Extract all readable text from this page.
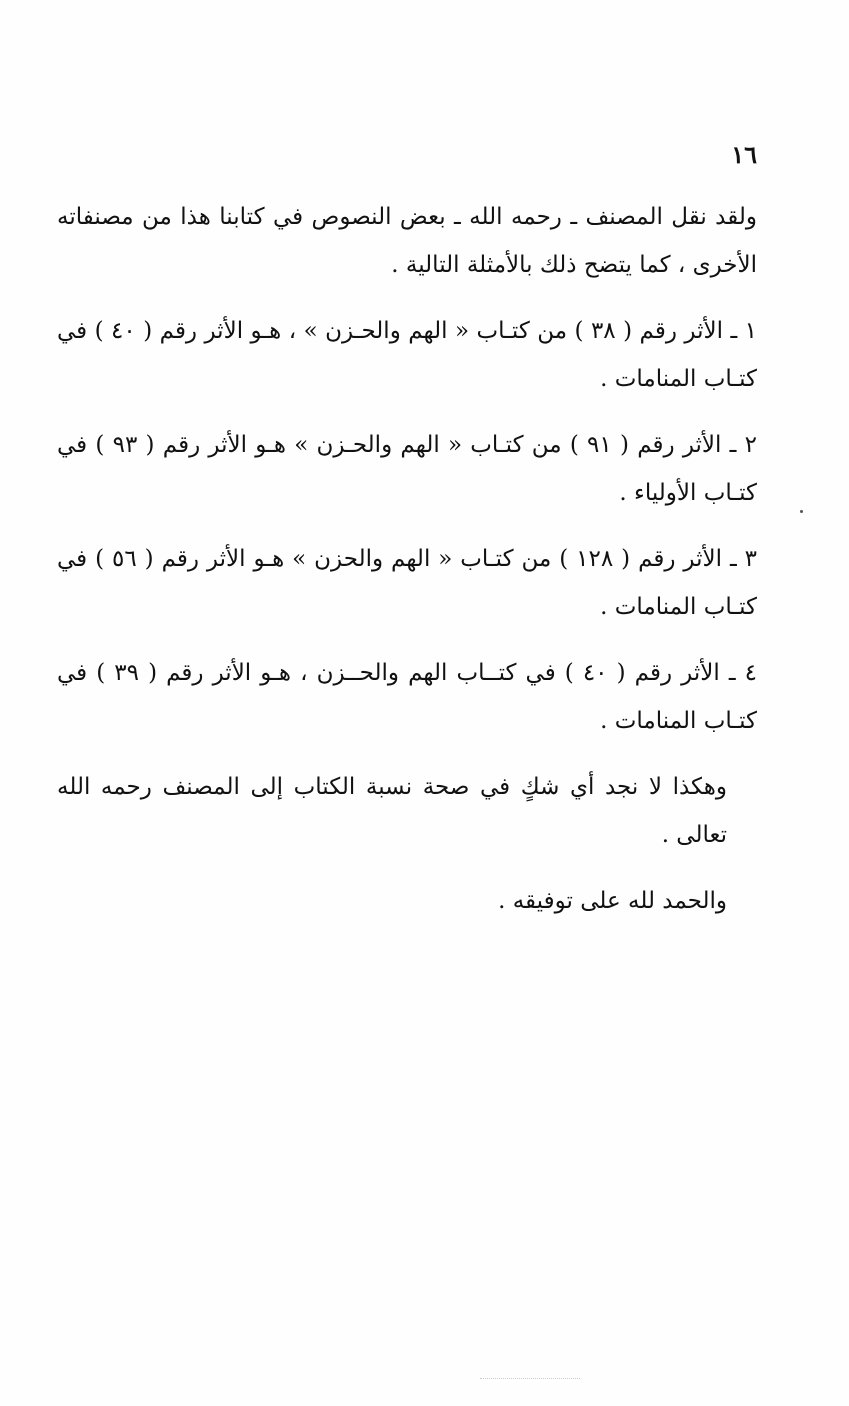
١٦

ولقد نقل المصنف ـ رحمه الله ـ بعض النصوص في كتابنا هذا من مصنفاته الأخرى ، كما يتضح ذلك بالأمثلة التالية .

١ ـ الأثر رقم ( ٣٨ ) من كتـاب « الهم والحـزن » ، هـو الأثر رقم ( ٤٠ ) في كتـاب المنامات .

٢ ـ الأثر رقم ( ٩١ ) من كتـاب « الهم والحـزن » هـو الأثر رقم ( ٩٣ ) في كتـاب الأولياء .

٣ ـ الأثر رقم ( ١٢٨ ) من كتـاب « الهم والحزن » هـو الأثر رقم ( ٥٦ ) في كتـاب المنامات .

٤ ـ الأثر رقم ( ٤٠ ) في كتــاب الهم والحــزن ، هـو الأثر رقم ( ٣٩ ) في كتـاب المنامات .

وهكذا لا نجد أي شكٍ في صحة نسبة الكتاب إلى المصنف رحمه الله تعالى .

والحمد لله على توفيقه .
